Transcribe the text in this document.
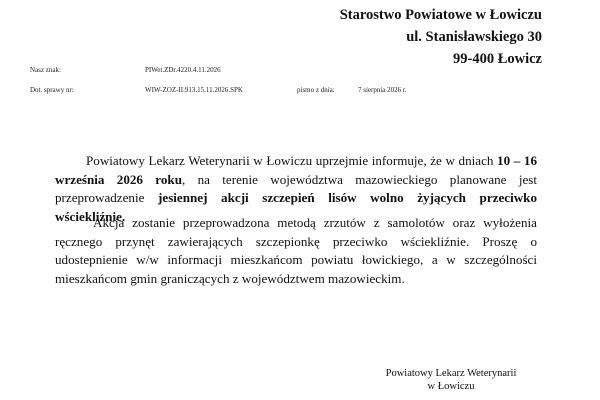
Starostwo Powiatowe w Łowiczu
ul. Stanisławskiego 30
99-400 Łowicz
Nasz znak:	PIWet.ZDr.4220.4.11.2026
Dot. sprawy nr:	WIW-ZOZ-II.913.15.11.2026.SPK	pismo z dnia:	7 sierpnia 2026 r.
Powiatowy Lekarz Weterynarii w Łowiczu uprzejmie informuje, że w dniach 10 – 16 września 2026 roku, na terenie województwa mazowieckiego planowane jest przeprowadzenie jesiennej akcji szczepień lisów wolno żyjących przeciwko wściekliźnie.
Akcja zostanie przeprowadzona metodą zrzutów z samolotów oraz wyłożenia ręcznego przynęt zawierających szczepionkę przeciwko wściekliźnie. Proszę o udostepnienie w/w informacji mieszkańcom powiatu łowickiego, a w szczególności mieszkańcom gmin graniczących z województwem mazowieckim.
Powiatowy Lekarz Weterynarii
w Łowiczu
